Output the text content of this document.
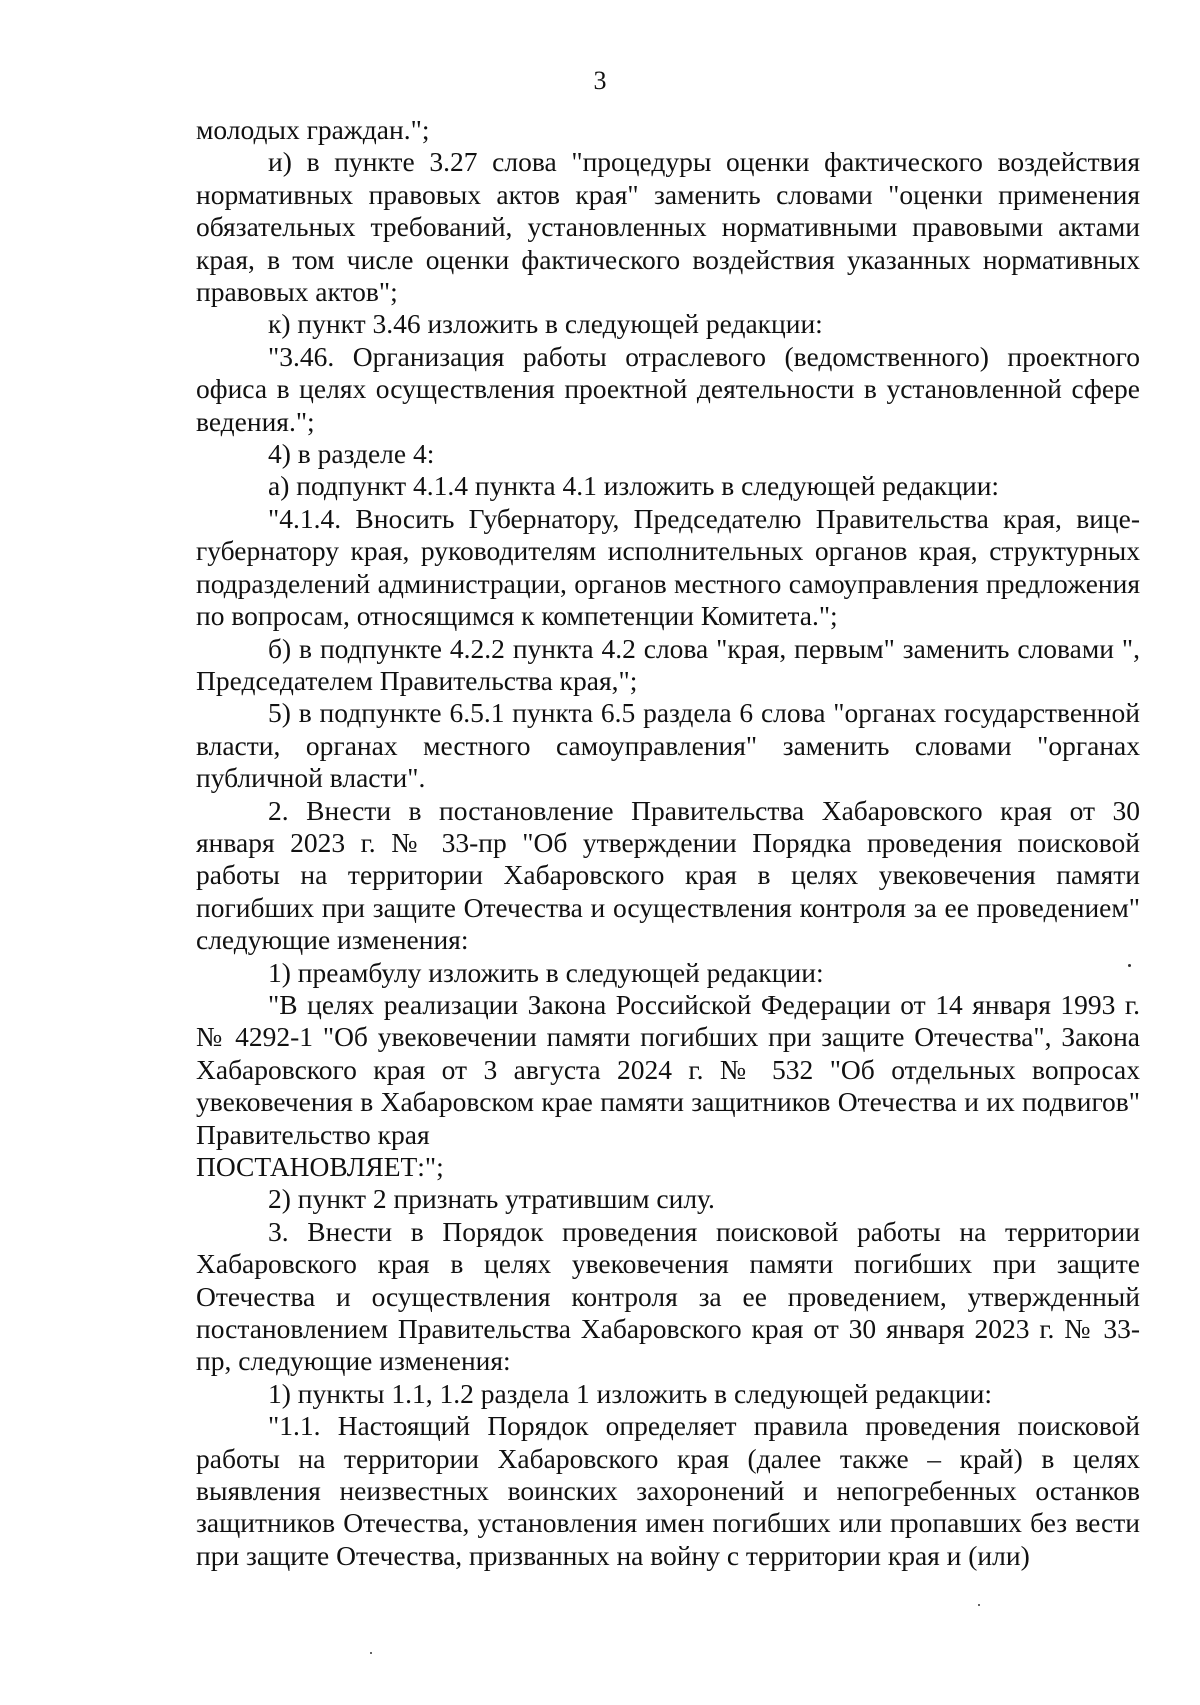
3

молодых граждан.";

и) в пункте 3.27 слова "процедуры оценки фактического воздействия нормативных правовых актов края" заменить словами "оценки применения обязательных требований, установленных нормативными правовыми актами края, в том числе оценки фактического воздействия указанных нормативных правовых актов";

к) пункт 3.46 изложить в следующей редакции:

"3.46. Организация работы отраслевого (ведомственного) проектного офиса в целях осуществления проектной деятельности в установленной сфере ведения.";

4) в разделе 4:

а) подпункт 4.1.4 пункта 4.1 изложить в следующей редакции:

"4.1.4. Вносить Губернатору, Председателю Правительства края, вице-губернатору края, руководителям исполнительных органов края, структурных подразделений администрации, органов местного самоуправления предложения по вопросам, относящимся к компетенции Комитета.";

б) в подпункте 4.2.2 пункта 4.2 слова "края, первым" заменить словами ", Председателем Правительства края,";

5) в подпункте 6.5.1 пункта 6.5 раздела 6 слова "органах государственной власти, органах местного самоуправления" заменить словами "органах публичной власти".

2. Внести в постановление Правительства Хабаровского края от 30 января 2023 г. № 33-пр "Об утверждении Порядка проведения поисковой работы на территории Хабаровского края в целях увековечения памяти погибших при защите Отечества и осуществления контроля за ее проведением" следующие изменения:

1) преамбулу изложить в следующей редакции:

"В целях реализации Закона Российской Федерации от 14 января 1993 г. № 4292-1 "Об увековечении памяти погибших при защите Отечества", Закона Хабаровского края от 3 августа 2024 г. № 532 "Об отдельных вопросах увековечения в Хабаровском крае памяти защитников Отечества и их подвигов" Правительство края

ПОСТАНОВЛЯЕТ:";

2) пункт 2 признать утратившим силу.

3. Внести в Порядок проведения поисковой работы на территории Хабаровского края в целях увековечения памяти погибших при защите Отечества и осуществления контроля за ее проведением, утвержденный постановлением Правительства Хабаровского края от 30 января 2023 г. № 33-пр, следующие изменения:

1) пункты 1.1, 1.2 раздела 1 изложить в следующей редакции:

"1.1. Настоящий Порядок определяет правила проведения поисковой работы на территории Хабаровского края (далее также – край) в целях выявления неизвестных воинских захоронений и непогребенных останков защитников Отечества, установления имен погибших или пропавших без вести при защите Отечества, призванных на войну с территории края и (или)
